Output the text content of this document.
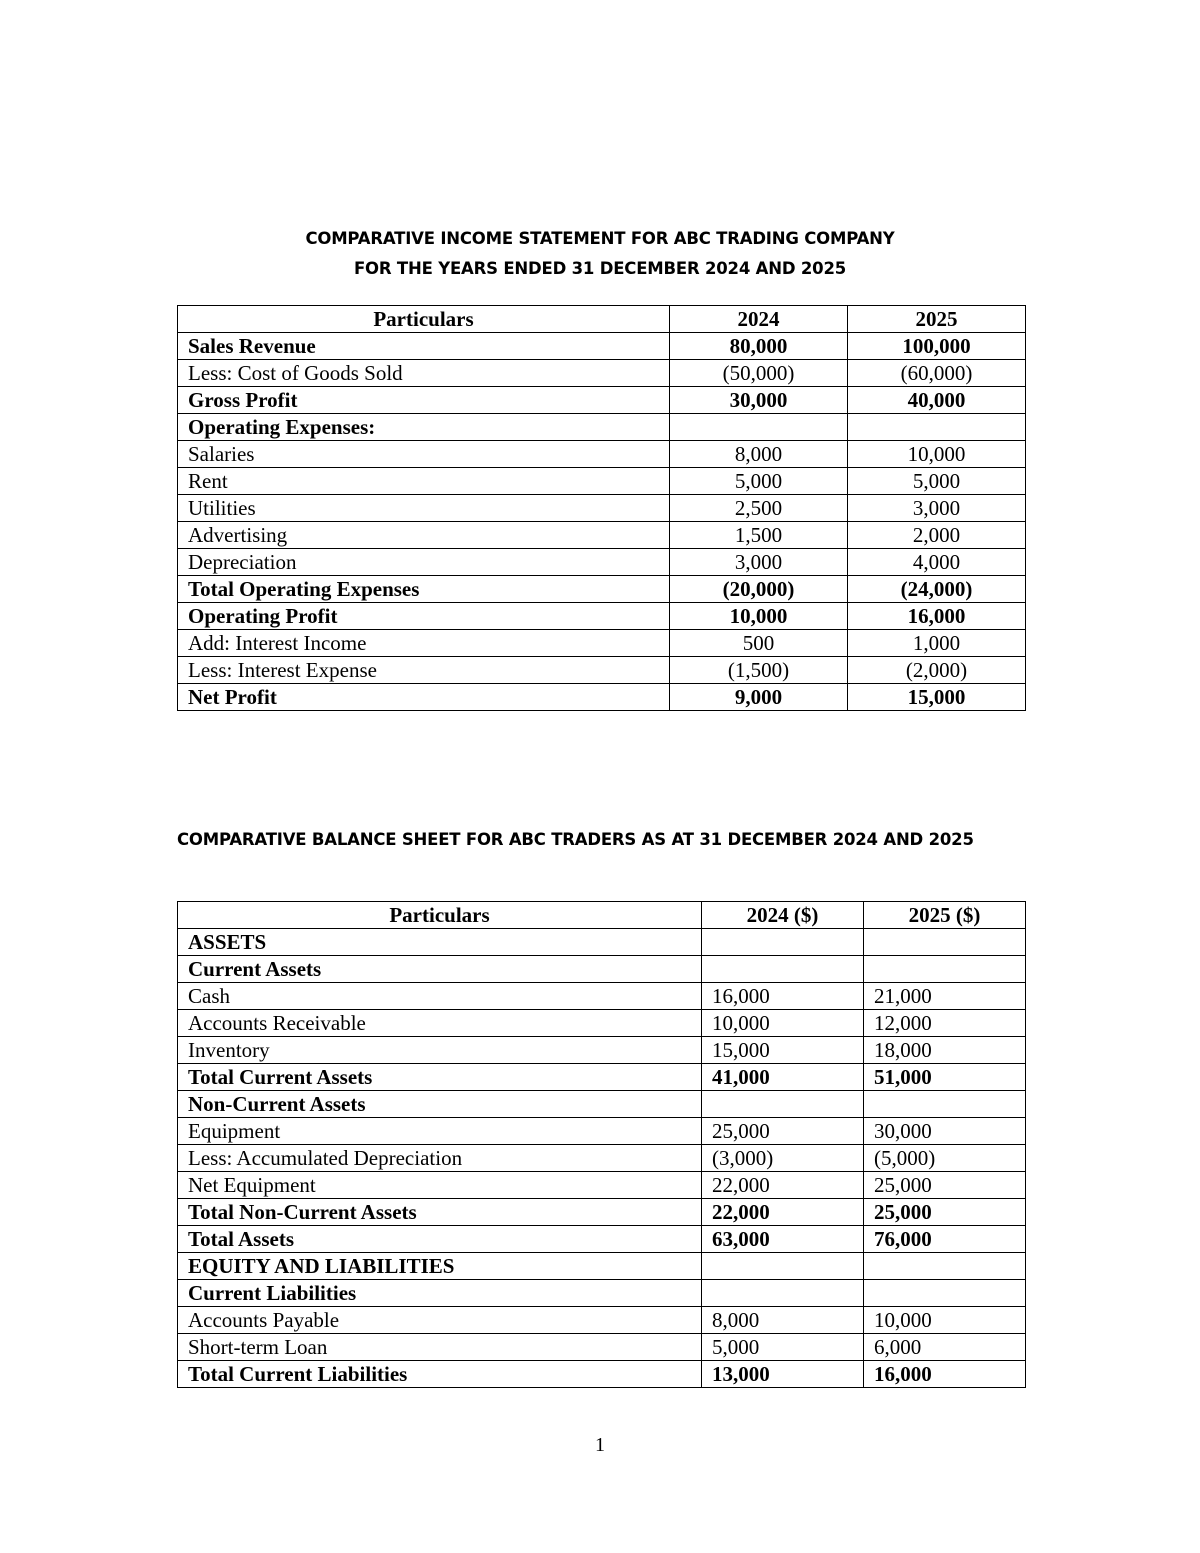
COMPARATIVE INCOME STATEMENT FOR ABC TRADING COMPANY
FOR THE YEARS ENDED 31 DECEMBER 2024 AND 2025
Particulars	2024	2025
Sales Revenue	80,000	100,000
Less: Cost of Goods Sold	(50,000)	(60,000)
Gross Profit	30,000	40,000
Operating Expenses:		
Salaries	8,000	10,000
Rent	5,000	5,000
Utilities	2,500	3,000
Advertising	1,500	2,000
Depreciation	3,000	4,000
Total Operating Expenses	(20,000)	(24,000)
Operating Profit	10,000	16,000
Add: Interest Income	500	1,000
Less: Interest Expense	(1,500)	(2,000)
Net Profit	9,000	15,000
COMPARATIVE BALANCE SHEET FOR ABC TRADERS AS AT 31 DECEMBER 2024 AND 2025
Particulars	2024 ($)	2025 ($)
ASSETS		
Current Assets		
Cash	16,000	21,000
Accounts Receivable	10,000	12,000
Inventory	15,000	18,000
Total Current Assets	41,000	51,000
Non-Current Assets		
Equipment	25,000	30,000
Less: Accumulated Depreciation	(3,000)	(5,000)
Net Equipment	22,000	25,000
Total Non-Current Assets	22,000	25,000
Total Assets	63,000	76,000
EQUITY AND LIABILITIES		
Current Liabilities		
Accounts Payable	8,000	10,000
Short-term Loan	5,000	6,000
Total Current Liabilities	13,000	16,000
1
